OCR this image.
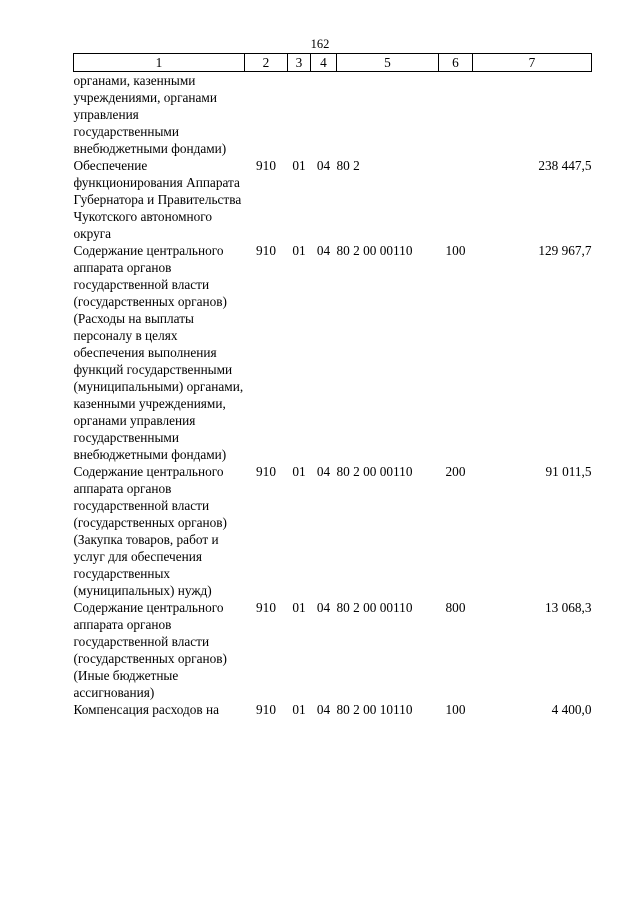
162
1	2	3	4	5	6	7
органами, казенными учреждениями, органами управления государственными внебюджетными фондами)						
Обеспечение функционирования Аппарата Губернатора и Правительства Чукотского автономного округа	910	01	04	80 2		238 447,5
Содержание центрального аппарата органов государственной власти (государственных органов) (Расходы на выплаты персоналу в целях обеспечения выполнения функций государственными (муниципальными) органами, казенными учреждениями, органами управления государственными внебюджетными фондами)	910	01	04	80 2 00 00110	100	129 967,7
Содержание центрального аппарата органов государственной власти (государственных органов) (Закупка товаров, работ и услуг для обеспечения государственных (муниципальных) нужд)	910	01	04	80 2 00 00110	200	91 011,5
Содержание центрального аппарата органов государственной власти (государственных органов) (Иные бюджетные ассигнования)	910	01	04	80 2 00 00110	800	13 068,3
Компенсация расходов на	910	01	04	80 2 00 10110	100	4 400,0
